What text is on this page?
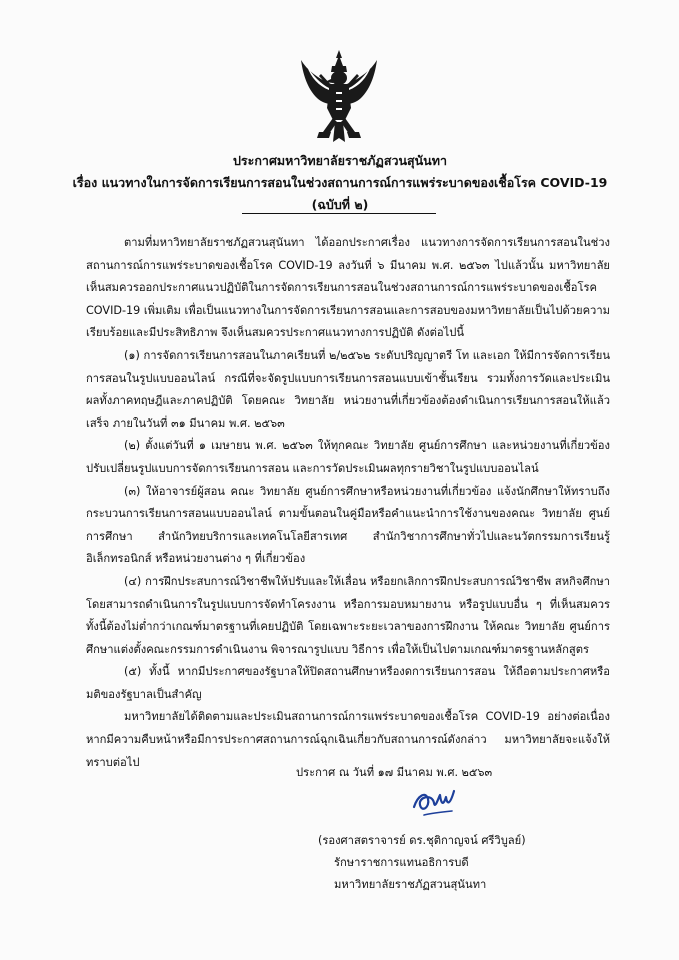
ประกาศมหาวิทยาลัยราชภัฏสวนสุนันทา
เรื่อง แนวทางในการจัดการเรียนการสอนในช่วงสถานการณ์การแพร่ระบาดของเชื้อโรค COVID-19
(ฉบับที่ ๒)

ตามที่มหาวิทยาลัยราชภัฏสวนสุนันทา ได้ออกประกาศเรื่อง แนวทางการจัดการเรียนการสอนในช่วงสถานการณ์การแพร่ระบาดของเชื้อโรค COVID-19 ลงวันที่ ๖ มีนาคม พ.ศ. ๒๕๖๓ ไปแล้วนั้น มหาวิทยาลัยเห็นสมควรออกประกาศแนวปฏิบัติในการจัดการเรียนการสอนในช่วงสถานการณ์การแพร่ระบาดของเชื้อโรค COVID-19 เพิ่มเติม เพื่อเป็นแนวทางในการจัดการเรียนการสอนและการสอบของมหาวิทยาลัยเป็นไปด้วยความเรียบร้อยและมีประสิทธิภาพ จึงเห็นสมควรประกาศแนวทางการปฏิบัติ ดังต่อไปนี้

(๑) การจัดการเรียนการสอนในภาคเรียนที่ ๒/๒๕๖๒ ระดับปริญญาตรี โท และเอก ให้มีการจัดการเรียนการสอนในรูปแบบออนไลน์ กรณีที่จะจัดรูปแบบการเรียนการสอนแบบเข้าชั้นเรียน รวมทั้งการวัดและประเมินผลทั้งภาคทฤษฎีและภาคปฏิบัติ โดยคณะ วิทยาลัย หน่วยงานที่เกี่ยวข้องต้องดำเนินการเรียนการสอนให้แล้วเสร็จ ภายในวันที่ ๓๑ มีนาคม พ.ศ. ๒๕๖๓

(๒) ตั้งแต่วันที่ ๑ เมษายน พ.ศ. ๒๕๖๓ ให้ทุกคณะ วิทยาลัย ศูนย์การศึกษา และหน่วยงานที่เกี่ยวข้อง ปรับเปลี่ยนรูปแบบการจัดการเรียนการสอน และการวัดประเมินผลทุกรายวิชาในรูปแบบออนไลน์

(๓) ให้อาจารย์ผู้สอน คณะ วิทยาลัย ศูนย์การศึกษาหรือหน่วยงานที่เกี่ยวข้อง แจ้งนักศึกษาให้ทราบถึงกระบวนการเรียนการสอนแบบออนไลน์ ตามขั้นตอนในคู่มือหรือคำแนะนำการใช้งานของคณะ วิทยาลัย ศูนย์การศึกษา สำนักวิทยบริการและเทคโนโลยีสารเทศ สำนักวิชาการศึกษาทั่วไปและนวัตกรรมการเรียนรู้อิเล็กทรอนิกส์ หรือหน่วยงานต่าง ๆ ที่เกี่ยวข้อง

(๔) การฝึกประสบการณ์วิชาชีพให้ปรับและให้เลื่อน หรือยกเลิกการฝึกประสบการณ์วิชาชีพ สหกิจศึกษา โดยสามารถดำเนินการในรูปแบบการจัดทำโครงงาน หรือการมอบหมายงาน หรือรูปแบบอื่น ๆ ที่เห็นสมควร ทั้งนี้ต้องไม่ต่ำกว่าเกณฑ์มาตรฐานที่เคยปฏิบัติ โดยเฉพาะระยะเวลาของการฝึกงาน ให้คณะ วิทยาลัย ศูนย์การศึกษาแต่งตั้งคณะกรรมการดำเนินงาน พิจารณารูปแบบ วิธีการ เพื่อให้เป็นไปตามเกณฑ์มาตรฐานหลักสูตร

(๕) ทั้งนี้ หากมีประกาศของรัฐบาลให้ปิดสถานศึกษาหรืองดการเรียนการสอน ให้ถือตามประกาศหรือมติของรัฐบาลเป็นสำคัญ

มหาวิทยาลัยได้ติดตามและประเมินสถานการณ์การแพร่ระบาดของเชื้อโรค COVID-19 อย่างต่อเนื่อง หากมีความคืบหน้าหรือมีการประกาศสถานการณ์ฉุกเฉินเกี่ยวกับสถานการณ์ดังกล่าว มหาวิทยาลัยจะแจ้งให้ทราบต่อไป

ประกาศ ณ วันที่ ๑๗ มีนาคม พ.ศ. ๒๕๖๓
(รองศาสตราจารย์ ดร.ชุติกาญจน์ ศรีวิบูลย์)
รักษาราชการแทนอธิการบดี
มหาวิทยาลัยราชภัฏสวนสุนันทา
